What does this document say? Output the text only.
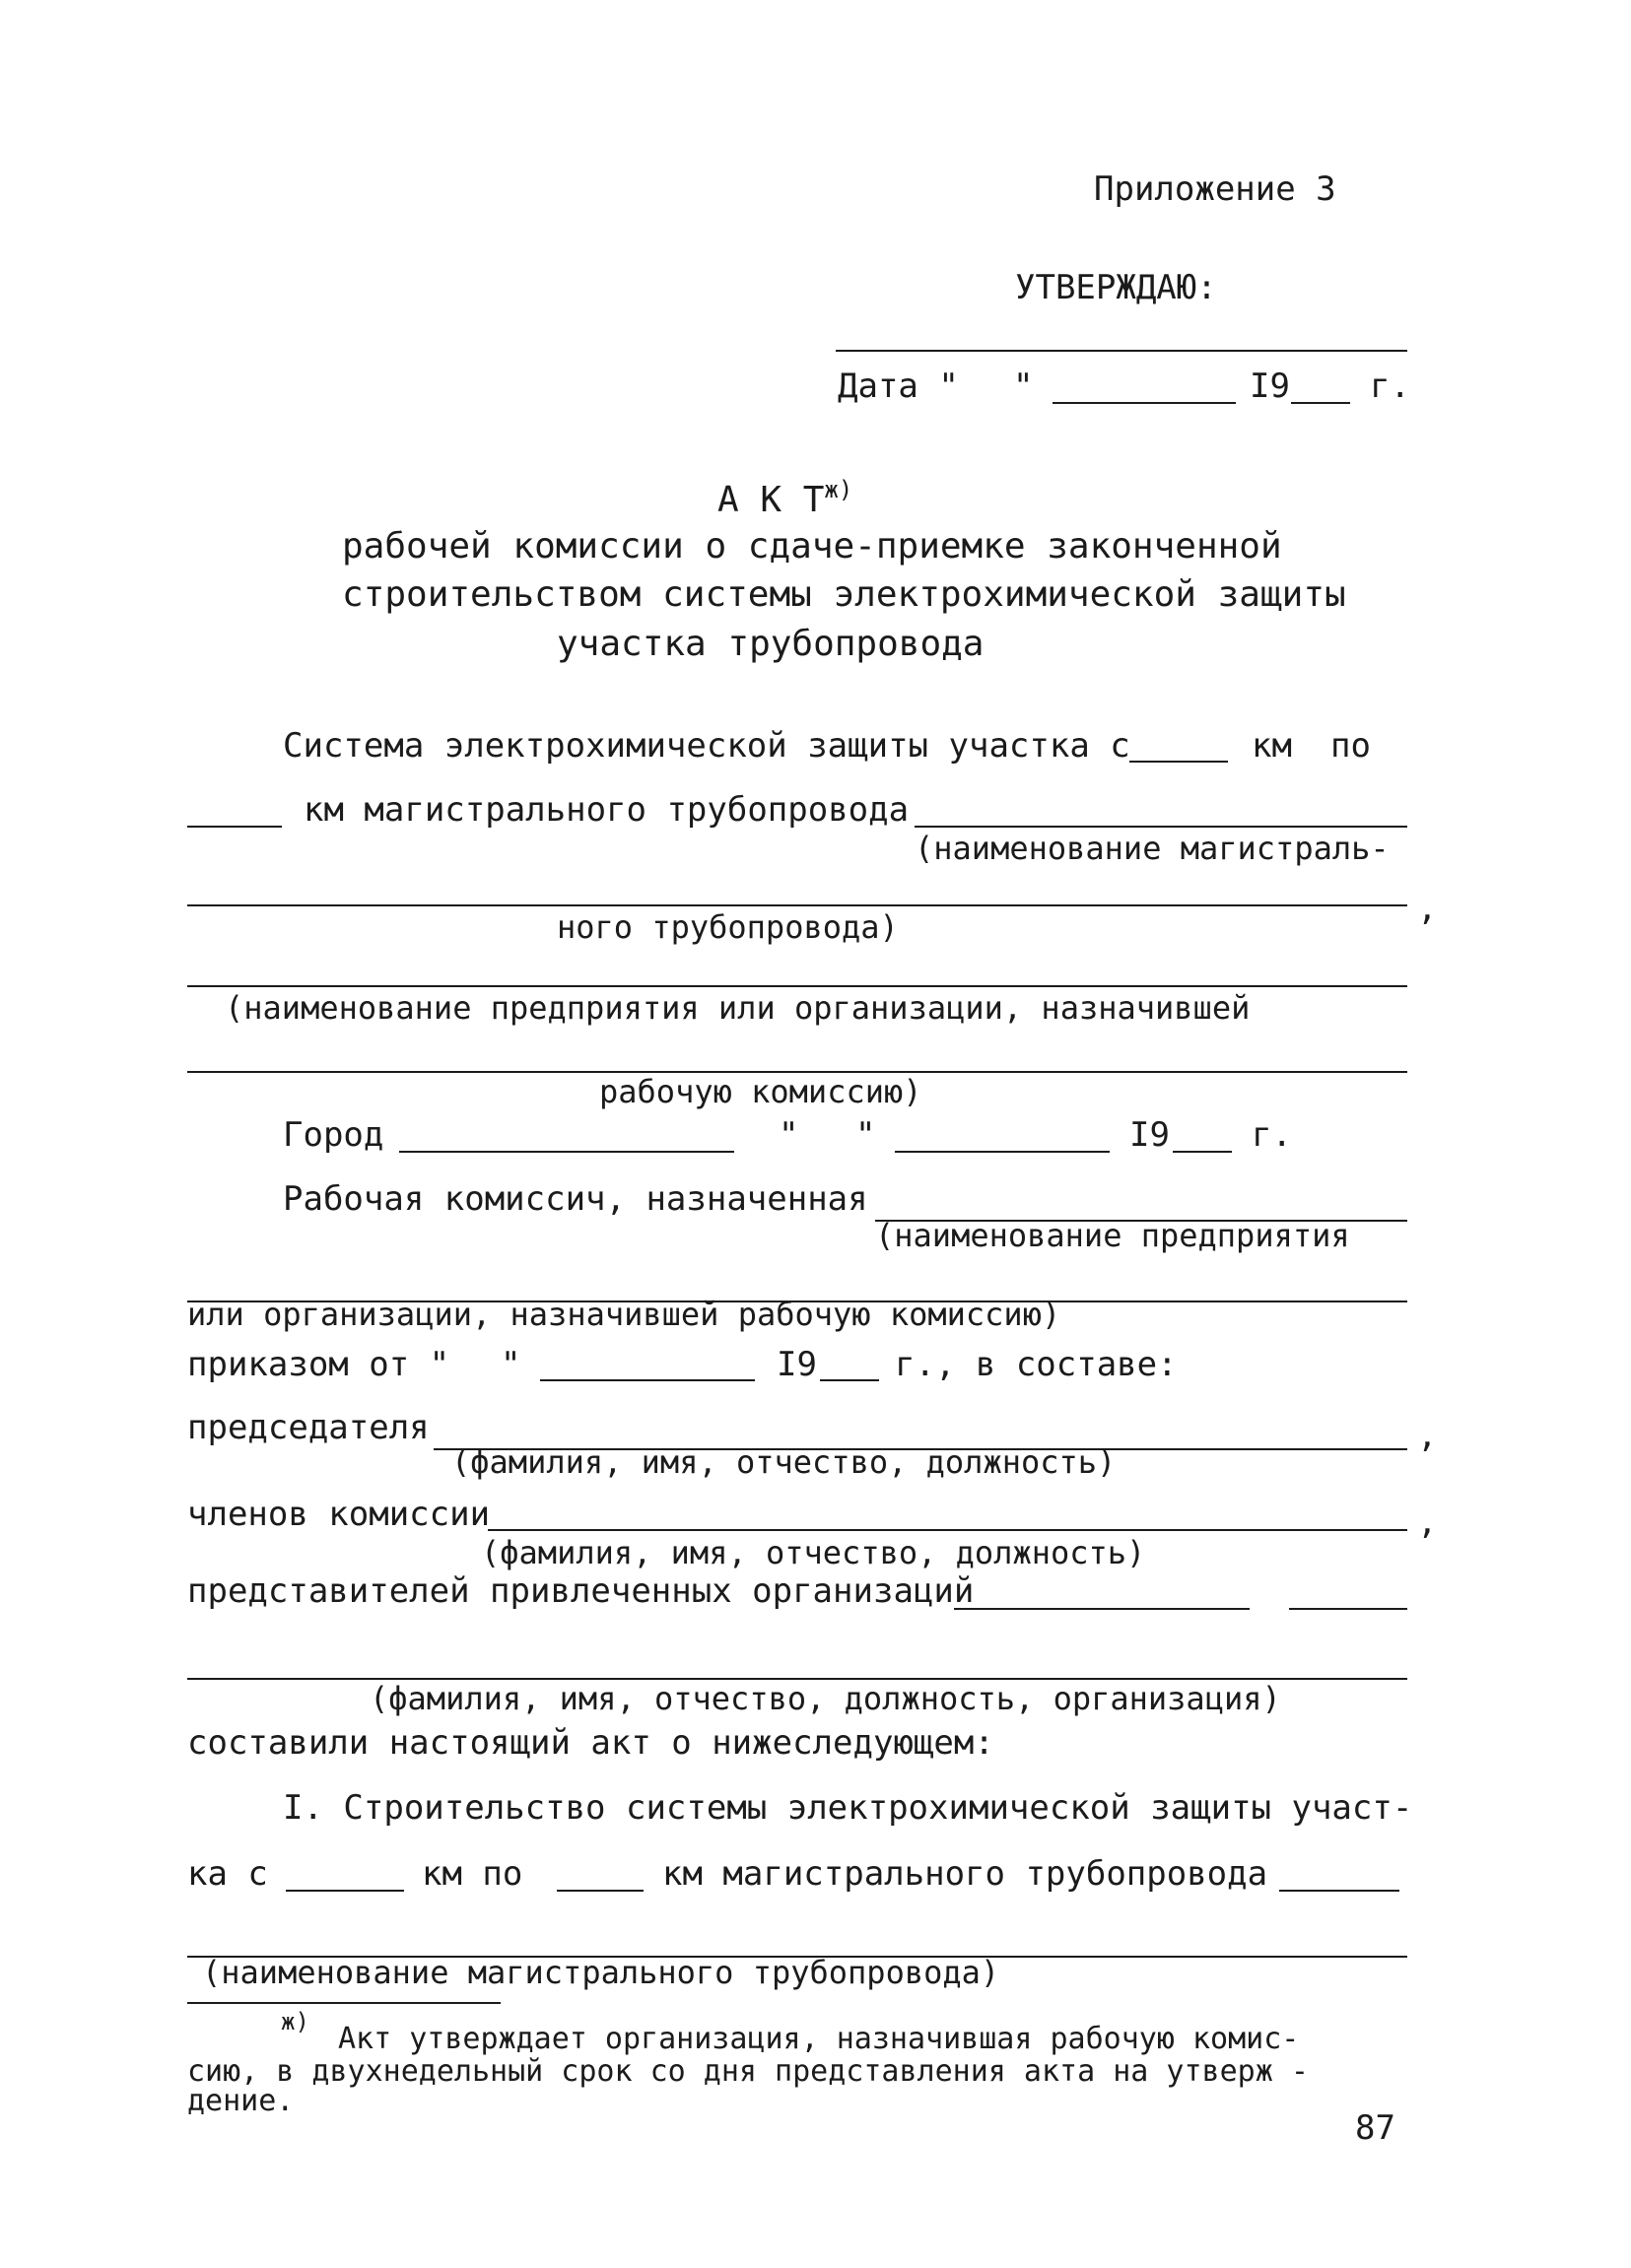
Приложение 3
УТВЕРЖДАЮ:
Дата " "	I9 г.
А К $Т^{ж)}$
рабочей комиссии о сдаче-приемке законченной
строительством системы электрохимической защиты
участка трубопровода
Система электрохимической защиты участка с	км по
км магистрального трубопровода
(наименование магистраль-
ного трубопровода)	,
(наименование предприятия или организации, назначившей
рабочую комиссию)
Город	" "	I9 г.
Рабочая комиссич, назначенная
(наименование предприятия
или организации, назначившей рабочую комиссию)
приказом от " "	I9 г., в составе:
председателя
(фамилия, имя, отчество, должность)
,
членов комиссии
(фамилия, имя, отчество, должность)
,
представителей привлеченных организаций
(фамилия, имя, отчество, должность, организация)
составили настоящий акт о нижеследующем:
I. Строительство системы электрохимической защиты участ-
ка с	км по	км магистрального трубопровода
(наименование магистрального трубопровода)
ж) Акт утверждает организация, назначившая рабочую комис-
сию, в двухнедельный срок со дня представления акта на утверж -
дение.
87
